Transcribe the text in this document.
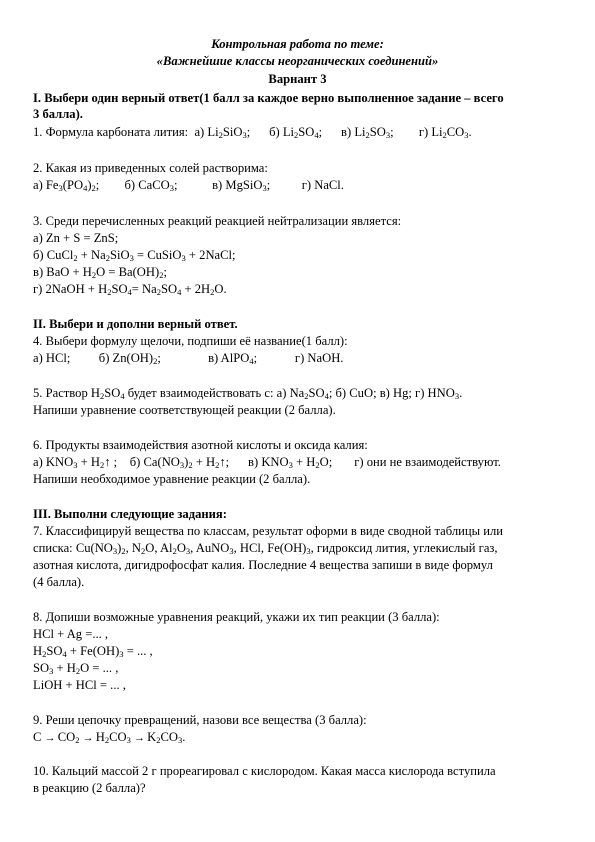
Контрольная работа по теме:
«Важнейшие классы неорганических соединений»
Варнант 3
I. Выбери один верный ответ(1 балл за каждое верно выполненное задание – всего
3 балла).
1. Формула карбоната лития: а) $Li_2SiO_3$;      б) $Li_2SO_4$;      в) $Li_2SO_3$;        г) $Li_2CO_3$.
2. Какая из приведенных солей растворима:
а) $Fe_3(PO_4)_2$; б) CaCO$_3$;	в) MgSiO$_3$; г) NaCl.
3. Среди перечисленных реакций реакцией нейтрализации является:
а) Zn + S = ZnS;
б) CuCl$_2$ + $Na_2SiO_3$ = CuSiO$_3$ + 2NaCl;
в) BaO + $H_2O = Ba(OH)_2$;
г) 2NaOH + $H_2SO_4= Na_2SO_4 + 2H_2O$.
II. Выбери и дополни верный ответ.
4. Выбери формулу щелочи, подпиши её название(1 балл):
а) HCl; б) $Zn(OH)_2$;	в) AlPO$_4$;	г) NaOH.
5. Раствор $H_2SO_4$ будет взаимодействовать с: а) $Na_2SO_4$; б) CuO; в) Hg; г) $HNO_3$.
Напиши уравнение соответствующей реакции (2 балла).
6. Продукты взаимодействия азотной кислоты и оксида калия:
а) $KNO_3$ + $H_2↑$ ; б) $Ca(NO_3)_2$ + $H_2↑$; в) $KNO_3 + H_2O$; г) они не взаимодействуют.
Напиши необходимое уравнение реакции (2 балла).
III. Выполни следующие задания:
7. Классифицируй вещества по классам, результат оформи в виде сводной таблицы или
списка: $Cu(NO_3)_2$, $N_2O$, $Al_2O_3$, AuNO$_3$, HCl, $Fe(OH)_3$, гидроксид лития, углекислый газ,
азотная кислота, дигидрофосфат калия. Последние 4 вещества запиши в виде формул
(4 балла).
8. Допиши возможные уравнения реакций, укажи их тип реакции (3 балла):
HCl + Ag =... ,
$H_2SO_4 + Fe(OH)_3$ = ... ,
$SO_3 + H_2O$ = ... ,
LiOH + HCl = ... ,
9. Реши цепочку превращений, назови все вещества (3 балла):
$C \to CO_2 \to H_2CO_3 \to K_2CO_3$.
10. Кальций массой 2 г прореагировал с кислородом. Какая масса кислорода вступила
в реакцию (2 балла)?
